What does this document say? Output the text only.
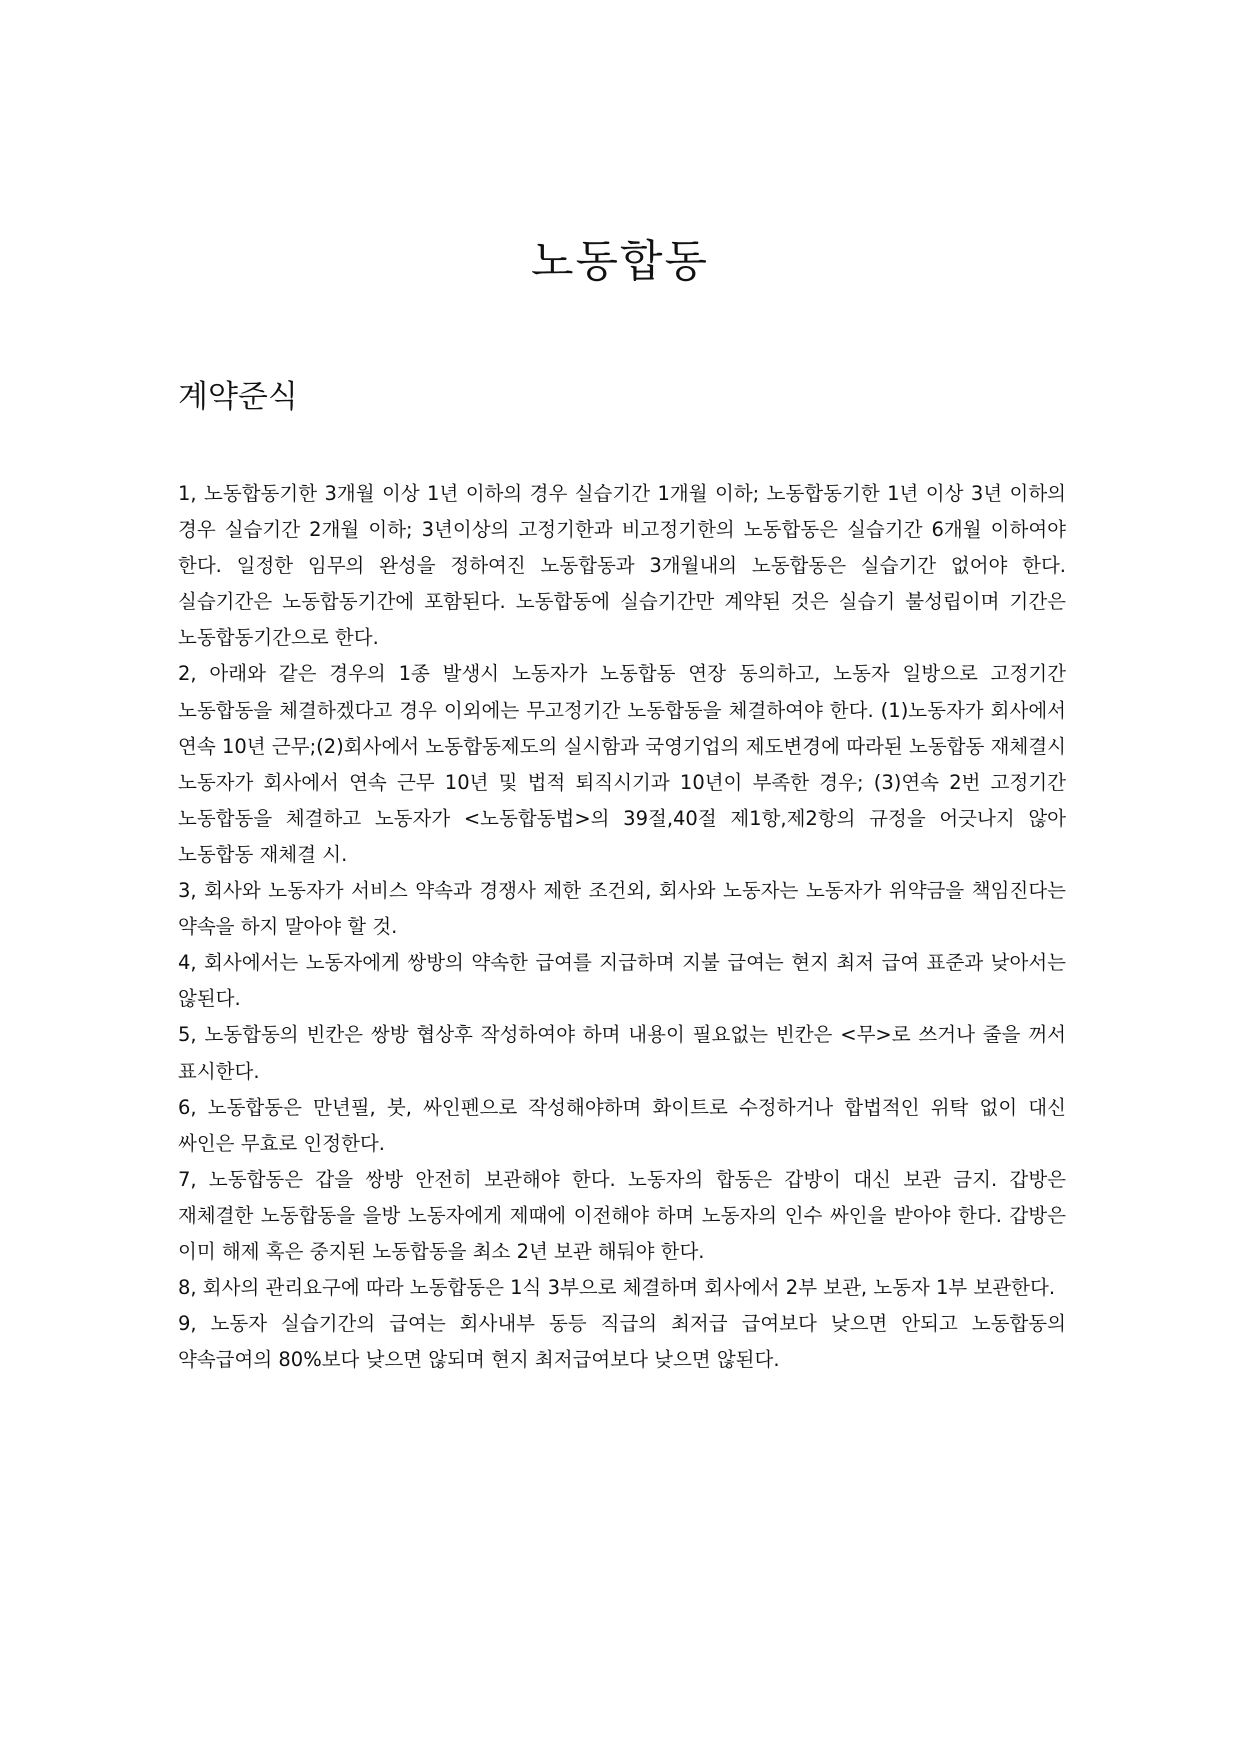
노동합동
계약준식
1, 노동합동기한 3개월 이상 1년 이하의 경우 실습기간 1개월 이하; 노동합동기한 1년 이상 3년 이하의 경우 실습기간 2개월 이하; 3년이상의 고정기한과 비고정기한의 노동합동은 실습기간 6개월 이하여야 한다. 일정한 임무의 완성을 정하여진 노동합동과 3개월내의 노동합동은 실습기간 없어야 한다. 실습기간은 노동합동기간에 포함된다. 노동합동에 실습기간만 계약된 것은 실습기 불성립이며 기간은 노동합동기간으로 한다.
2, 아래와 같은 경우의 1종 발생시 노동자가 노동합동 연장 동의하고, 노동자 일방으로 고정기간 노동합동을 체결하겠다고 경우 이외에는 무고정기간 노동합동을 체결하여야 한다. (1)노동자가 회사에서 연속 10년 근무;(2)회사에서 노동합동제도의 실시함과 국영기업의 제도변경에 따라된 노동합동 재체결시 노동자가 회사에서 연속 근무 10년 및 법적 퇴직시기과 10년이 부족한 경우; (3)연속 2번 고정기간 노동합동을 체결하고 노동자가 <노동합동법>의 39절,40절 제1항,제2항의 규정을 어긋나지 않아 노동합동 재체결 시.
3, 회사와 노동자가 서비스 약속과 경쟁사 제한 조건외, 회사와 노동자는 노동자가 위약금을 책임진다는 약속을 하지 말아야 할 것.
4, 회사에서는 노동자에게 쌍방의 약속한 급여를 지급하며 지불 급여는 현지 최저 급여 표준과 낮아서는 않된다.
5, 노동합동의 빈칸은 쌍방 협상후 작성하여야 하며 내용이 필요없는 빈칸은 <무>로 쓰거나 줄을 꺼서 표시한다.
6, 노동합동은 만년필, 붓, 싸인펜으로 작성해야하며 화이트로 수정하거나 합법적인 위탁 없이 대신 싸인은 무효로 인정한다.
7, 노동합동은 갑을 쌍방 안전히 보관해야 한다. 노동자의 합동은 갑방이 대신 보관 금지. 갑방은 재체결한 노동합동을 을방 노동자에게 제때에 이전해야 하며 노동자의 인수 싸인을 받아야 한다. 갑방은 이미 해제 혹은 중지된 노동합동을 최소 2년 보관 해둬야 한다.
8, 회사의 관리요구에 따라 노동합동은 1식 3부으로 체결하며 회사에서 2부 보관, 노동자 1부 보관한다.
9, 노동자 실습기간의 급여는 회사내부 동등 직급의 최저급 급여보다 낮으면 안되고 노동합동의 약속급여의 80%보다 낮으면 않되며 현지 최저급여보다 낮으면 않된다.
